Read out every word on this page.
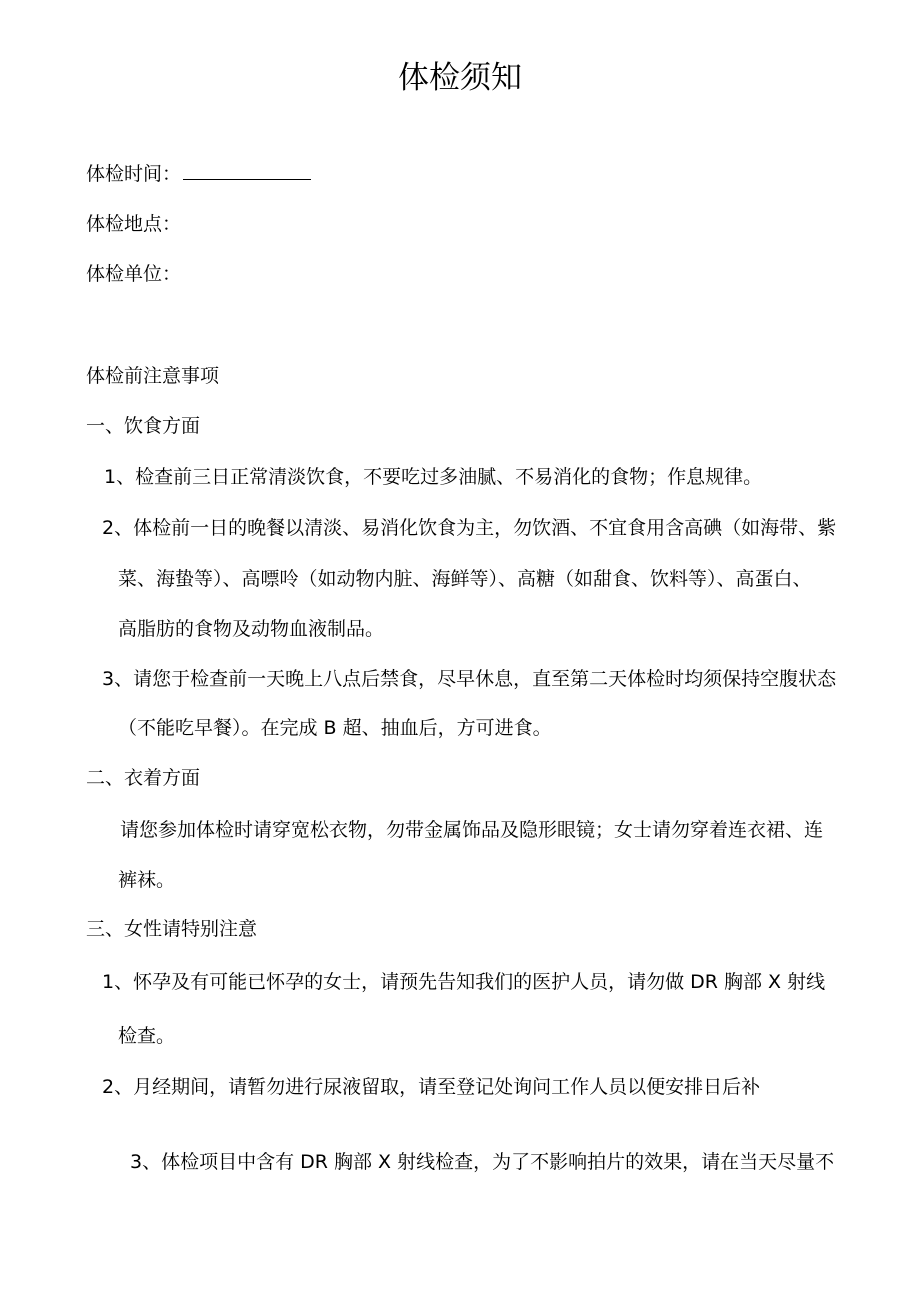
体检须知
体检时间：
体检地点：
体检单位：
体检前注意事项
一、饮食方面
1、检查前三日正常清淡饮食，不要吃过多油腻、不易消化的食物；作息规律。
2、体检前一日的晚餐以清淡、易消化饮食为主，勿饮酒、不宜食用含高碘（如海带、紫
菜、海蛰等）、高嘌呤（如动物内脏、海鲜等）、高糖（如甜食、饮料等）、高蛋白、
高脂肪的食物及动物血液制品。
3、请您于检查前一天晚上八点后禁食，尽早休息，直至第二天体检时均须保持空腹状态
（不能吃早餐）。在完成 B 超、抽血后，方可进食。
二、衣着方面
请您参加体检时请穿宽松衣物，勿带金属饰品及隐形眼镜；女士请勿穿着连衣裙、连
裤袜。
三、女性请特别注意
1、怀孕及有可能已怀孕的女士，请预先告知我们的医护人员，请勿做 DR 胸部 X 射线
检查。
2、月经期间，请暂勿进行尿液留取，请至登记处询问工作人员以便安排日后补
3、体检项目中含有 DR 胸部 X 射线检查，为了不影响拍片的效果，请在当天尽量不
